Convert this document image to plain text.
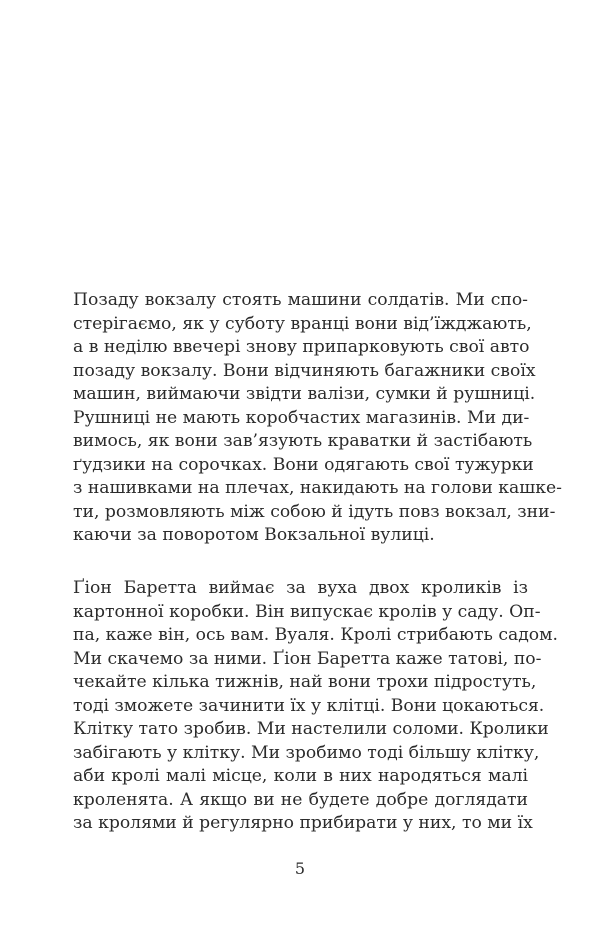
Позаду вокзалу стоять машини солдатів. Ми спо-
стерігаємо, як у суботу вранці вони від’їжджають,
а в неділю ввечері знову припарковують свої авто
позаду вокзалу. Вони відчиняють багажники своїх
машин, виймаючи звідти валізи, сумки й рушниці.
Рушниці не мають коробчастих магазинів. Ми ди-
вимось, як вони зав’язують краватки й застібають
ґудзики на сорочках. Вони одягають свої тужурки
з нашивками на плечах, накидають на голови кашке-
ти, розмовляють між собою й ідуть повз вокзал, зни-
каючи за поворотом Вокзальної вулиці.
Ґіон Баретта виймає за вуха двох кроликів із
картонної коробки. Він випускає кролів у саду. Оп-
па, каже він, ось вам. Вуаля. Кролі стрибають садом.
Ми скачемо за ними. Ґіон Баретта каже татові, по-
чекайте кілька тижнів, най вони трохи підростуть,
тоді зможете зачинити їх у клітці. Вони цокаються.
Клітку тато зробив. Ми настелили соломи. Кролики
забігають у клітку. Ми зробимо тоді більшу клітку,
аби кролі малі місце, коли в них народяться малі
кроленята. А якщо ви не будете добре доглядати
за кролями й регулярно прибирати у них, то ми їх
5
